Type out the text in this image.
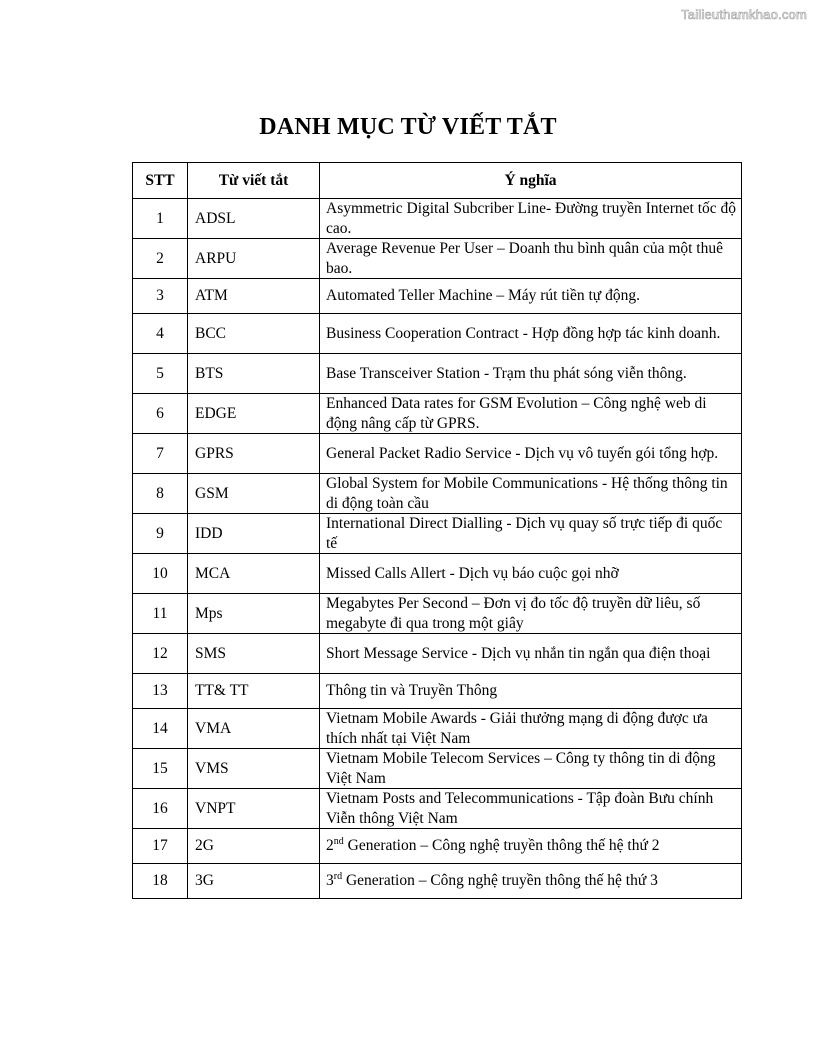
Tailieuthamkhao.com
DANH MỤC TỪ VIẾT TẮT
STT	Từ viết tắt	Ý nghĩa
1	ADSL	Asymmetric Digital Subcriber Line- Đường truyền Internet tốc độ cao.
2	ARPU	Average Revenue Per User – Doanh thu bình quân của một thuê bao.
3	ATM	Automated Teller Machine – Máy rút tiền tự động.
4	BCC	Business Cooperation Contract - Hợp đồng hợp tác kinh doanh.
5	BTS	Base Transceiver Station - Trạm thu phát sóng viễn thông.
6	EDGE	Enhanced Data rates for GSM Evolution – Công nghệ web di động nâng cấp từ GPRS.
7	GPRS	General Packet Radio Service - Dịch vụ vô tuyến gói tổng hợp.
8	GSM	Global System for Mobile Communications - Hệ thống thông tin di động toàn cầu
9	IDD	International Direct Dialling - Dịch vụ quay số trực tiếp đi quốc tế
10	MCA	Missed Calls Allert - Dịch vụ báo cuộc gọi nhỡ
11	Mps	Megabytes Per Second – Đơn vị đo tốc độ truyền dữ liêu, số megabyte đi qua trong một giây
12	SMS	Short Message Service - Dịch vụ nhắn tin ngắn qua điện thoại
13	TT& TT	Thông tin và Truyền Thông
14	VMA	Vietnam Mobile Awards - Giải thưởng mạng di động được ưa thích nhất tại Việt Nam
15	VMS	Vietnam Mobile Telecom Services – Công ty thông tin di động Việt Nam
16	VNPT	Vietnam Posts and Telecommunications - Tập đoàn Bưu chính Viễn thông Việt Nam
17	2G	2nd Generation – Công nghệ truyền thông thế hệ thứ 2
18	3G	3rd Generation – Công nghệ truyền thông thế hệ thứ 3
